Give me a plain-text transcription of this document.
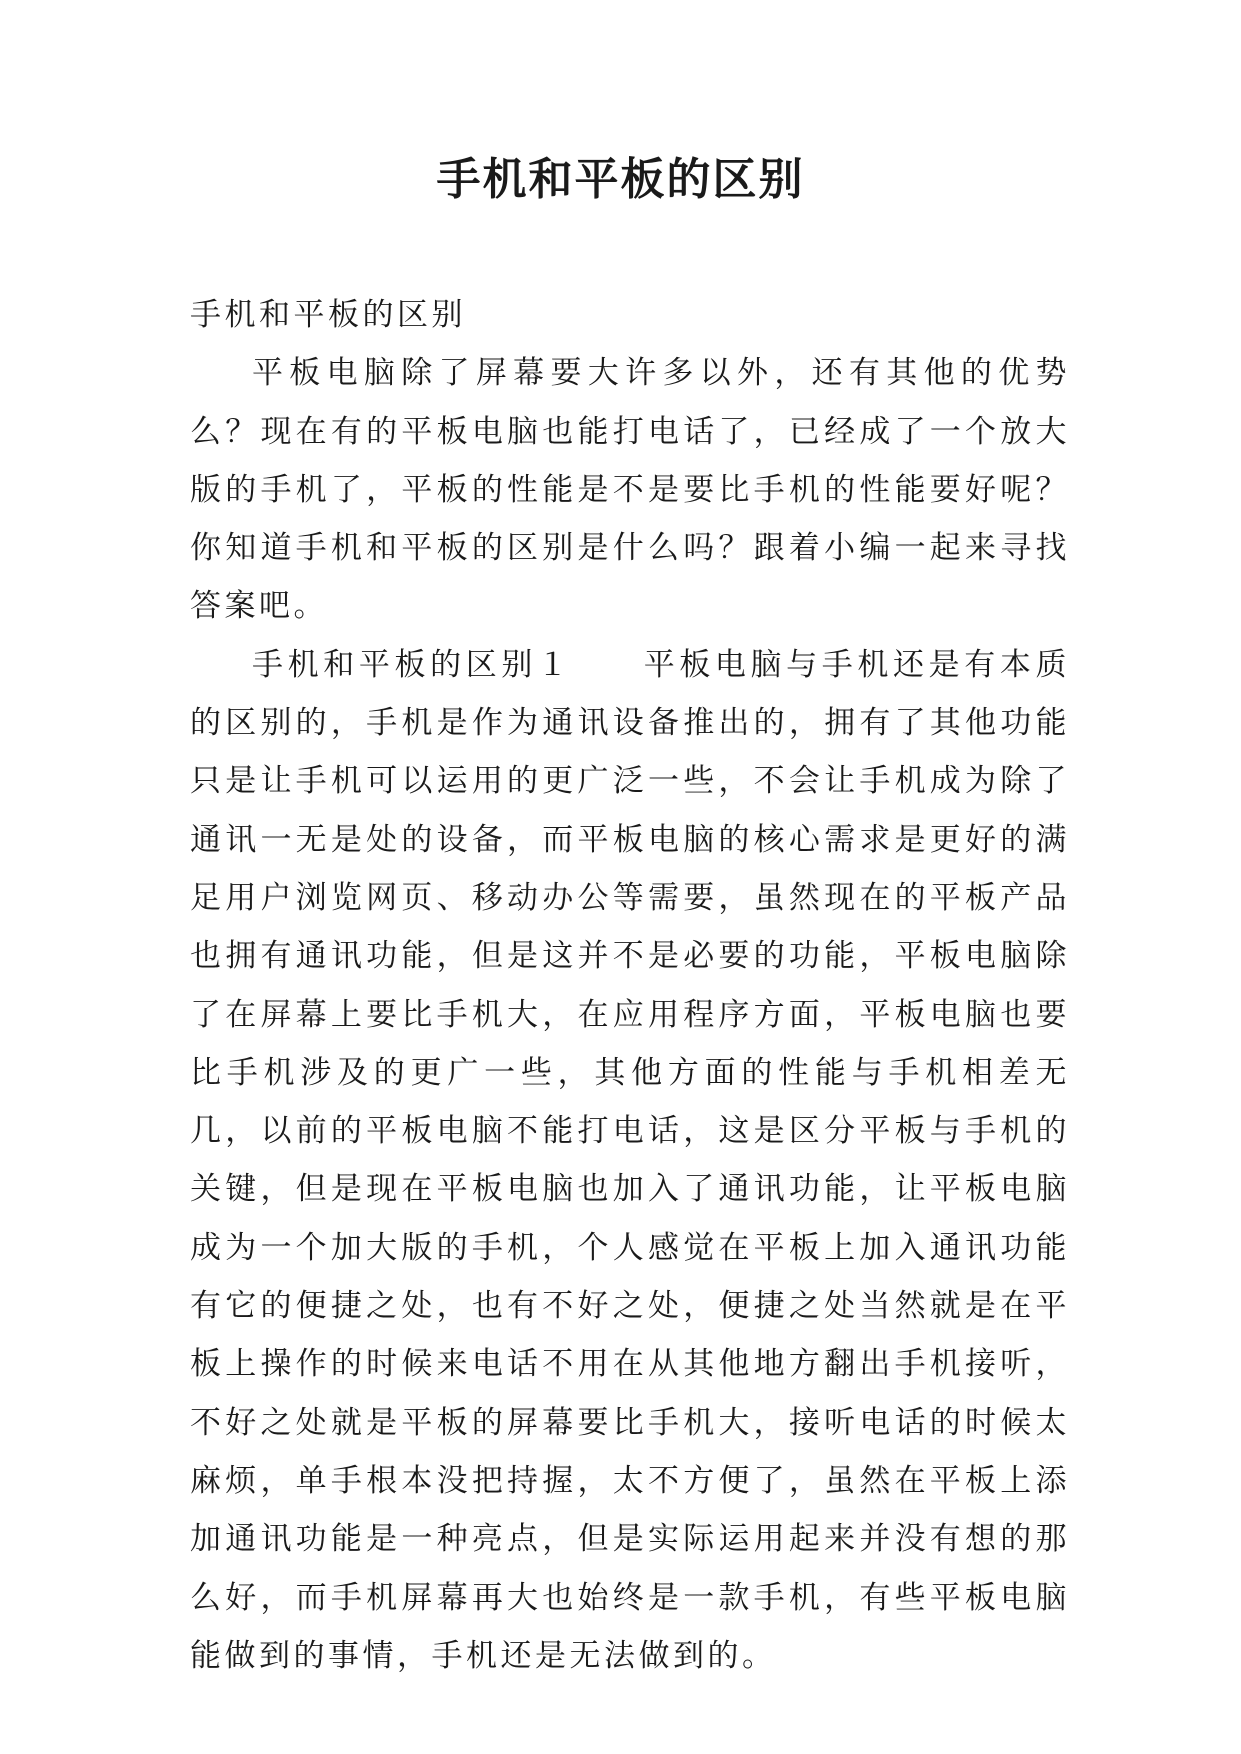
手机和平板的区别

手机和平板的区别

平板电脑除了屏幕要大许多以外，还有其他的优势么？现在有的平板电脑也能打电话了，已经成了一个放大版的手机了，平板的性能是不是要比手机的性能要好呢？你知道手机和平板的区别是什么吗？跟着小编一起来寻找答案吧。

手机和平板的区别１ 平板电脑与手机还是有本质的区别的，手机是作为通讯设备推出的，拥有了其他功能只是让手机可以运用的更广泛一些，不会让手机成为除了通讯一无是处的设备，而平板电脑的核心需求是更好的满足用户浏览网页、移动办公等需要，虽然现在的平板产品也拥有通讯功能，但是这并不是必要的功能，平板电脑除了在屏幕上要比手机大，在应用程序方面，平板电脑也要比手机涉及的更广一些，其他方面的性能与手机相差无几，以前的平板电脑不能打电话，这是区分平板与手机的关键，但是现在平板电脑也加入了通讯功能，让平板电脑成为一个加大版的手机，个人感觉在平板上加入通讯功能有它的便捷之处，也有不好之处，便捷之处当然就是在平板上操作的时候来电话不用在从其他地方翻出手机接听，不好之处就是平板的屏幕要比手机大，接听电话的时候太麻烦，单手根本没把持握，太不方便了，虽然在平板上添加通讯功能是一种亮点，但是实际运用起来并没有想的那么好，而手机屏幕再大也始终是一款手机，有些平板电脑能做到的事情，手机还是无法做到的。
